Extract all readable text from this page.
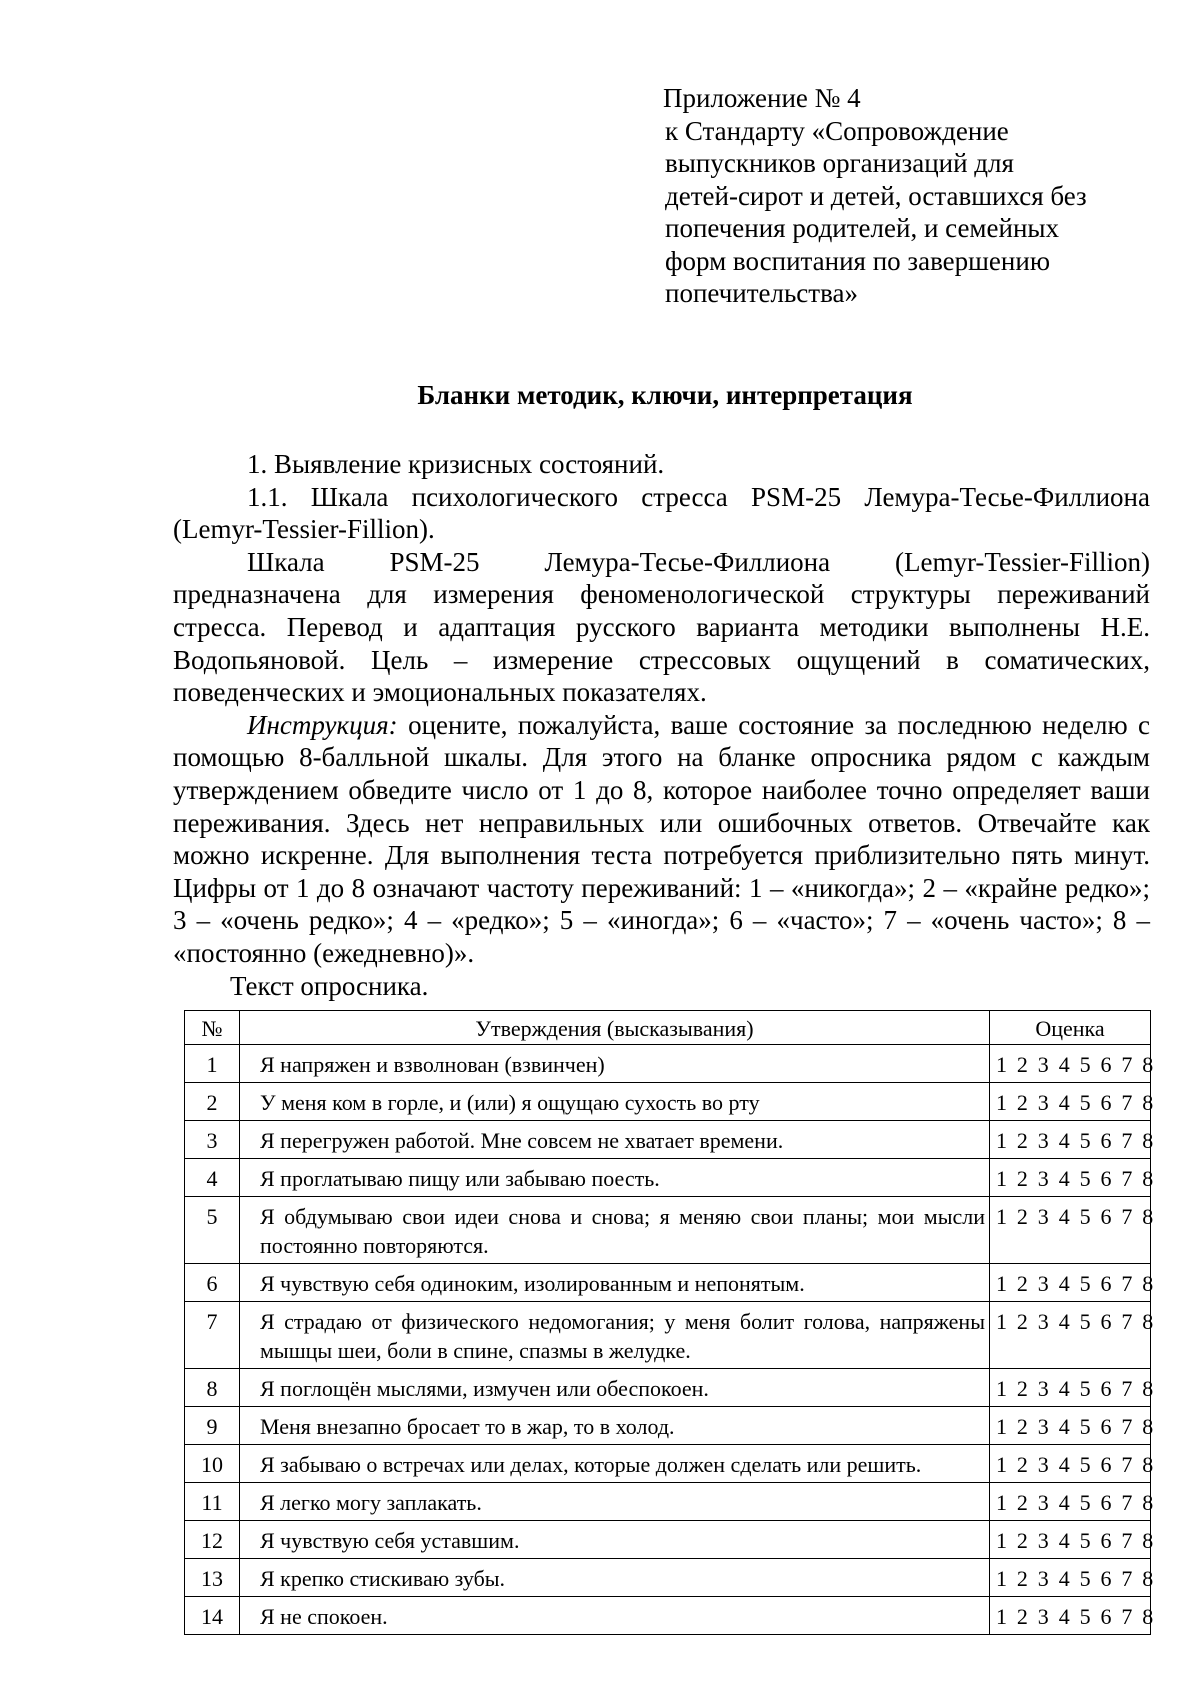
Приложение № 4
к Стандарту «Сопровождение
выпускников организаций для
детей-сирот и детей, оставшихся без
попечения родителей, и семейных
форм воспитания по завершению
попечительства»
Бланки методик, ключи, интерпретация

1. Выявление кризисных состояний.

1.1. Шкала психологического стресса PSM-25 Лемура-Тесье-Филлиона (Lemyr-Tessier-Fillion).

Шкала PSM-25 Лемура-Тесье-Филлиона (Lemyr-Tessier-Fillion)

предназначена для измерения феноменологической структуры переживаний стресса. Перевод и адаптация русского варианта методики выполнены Н.Е. Водопьяновой. Цель – измерение стрессовых ощущений в соматических, поведенческих и эмоциональных показателях.

Инструкция: оцените, пожалуйста, ваше состояние за последнюю неделю с помощью 8-балльной шкалы. Для этого на бланке опросника рядом с каждым утверждением обведите число от 1 до 8, которое наиболее точно определяет ваши переживания. Здесь нет неправильных или ошибочных ответов. Отвечайте как можно искренне. Для выполнения теста потребуется приблизительно пять минут. Цифры от 1 до 8 означают частоту переживаний: 1 – «никогда»; 2 – «крайне редко»; 3 – «очень редко»; 4 – «редко»; 5 – «иногда»; 6 – «часто»; 7 – «очень часто»; 8 – «постоянно (ежедневно)».

Текст опросника.

№	Утверждения (высказывания)	Оценка
1	Я напряжен и взволнован (взвинчен)	1 2 3 4 5 6 7 8
2	У меня ком в горле, и (или) я ощущаю сухость во рту	1 2 3 4 5 6 7 8
3	Я перегружен работой. Мне совсем не хватает времени.	1 2 3 4 5 6 7 8
4	Я проглатываю пищу или забываю поесть.	1 2 3 4 5 6 7 8
5	Я обдумываю свои идеи снова и снова; я меняю свои планы; мои мысли постоянно повторяются.	1 2 3 4 5 6 7 8
6	Я чувствую себя одиноким, изолированным и непонятым.	1 2 3 4 5 6 7 8
7	Я страдаю от физического недомогания; у меня болит голова, напряжены мышцы шеи, боли в спине, спазмы в желудке.	1 2 3 4 5 6 7 8
8	Я поглощён мыслями, измучен или обеспокоен.	1 2 3 4 5 6 7 8
9	Меня внезапно бросает то в жар, то в холод.	1 2 3 4 5 6 7 8
10	Я забываю о встречах или делах, которые должен сделать или решить.	1 2 3 4 5 6 7 8
11	Я легко могу заплакать.	1 2 3 4 5 6 7 8
12	Я чувствую себя уставшим.	1 2 3 4 5 6 7 8
13	Я крепко стискиваю зубы.	1 2 3 4 5 6 7 8
14	Я не спокоен.	1 2 3 4 5 6 7 8
